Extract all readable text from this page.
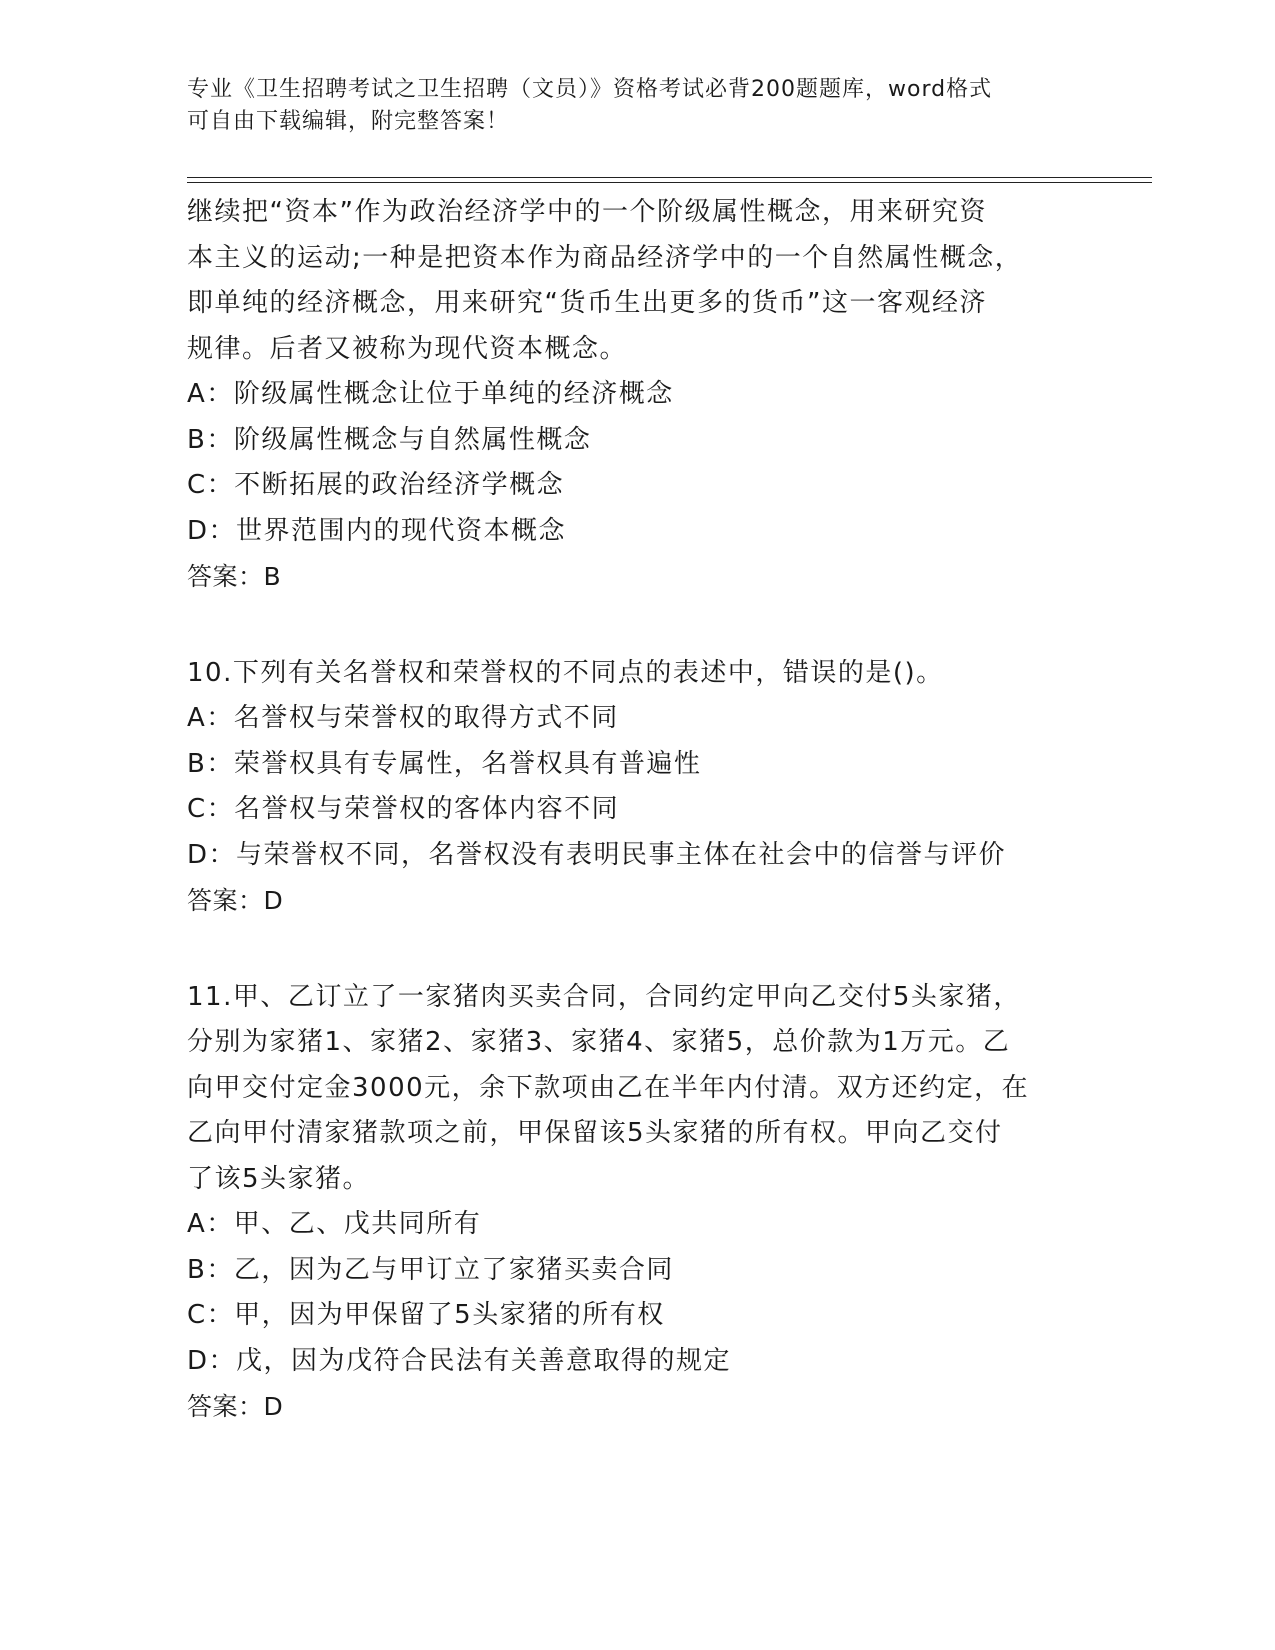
专业《卫生招聘考试之卫生招聘（文员）》资格考试必背200题题库，word格式
可自由下载编辑，附完整答案！
继续把“资本”作为政治经济学中的一个阶级属性概念，用来研究资
本主义的运动;一种是把资本作为商品经济学中的一个自然属性概念，
即单纯的经济概念，用来研究“货币生出更多的货币”这一客观经济
规律。后者又被称为现代资本概念。
A：阶级属性概念让位于单纯的经济概念
B：阶级属性概念与自然属性概念
C：不断拓展的政治经济学概念
D：世界范围内的现代资本概念
答案：B
10.下列有关名誉权和荣誉权的不同点的表述中，错误的是()。
A：名誉权与荣誉权的取得方式不同
B：荣誉权具有专属性，名誉权具有普遍性
C：名誉权与荣誉权的客体内容不同
D：与荣誉权不同，名誉权没有表明民事主体在社会中的信誉与评价
答案：D
11.甲、乙订立了一家猪肉买卖合同，合同约定甲向乙交付5头家猪，
分别为家猪1、家猪2、家猪3、家猪4、家猪5，总价款为1万元。乙
向甲交付定金3000元，余下款项由乙在半年内付清。双方还约定，在
乙向甲付清家猪款项之前，甲保留该5头家猪的所有权。甲向乙交付
了该5头家猪。
A：甲、乙、戊共同所有
B：乙，因为乙与甲订立了家猪买卖合同
C：甲，因为甲保留了5头家猪的所有权
D：戊，因为戊符合民法有关善意取得的规定
答案：D
